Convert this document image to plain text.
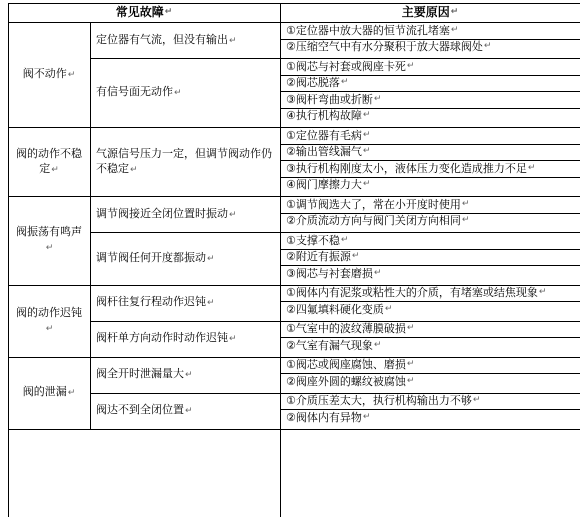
常见故障 ↵	主要原因 ↵
定位器有气流，但没有输出↵
①定位器中放大器的恒节流孔堵塞 ↵
②压缩空气中有水分聚积于放大器球阀处 ↵
有信号面无动作↵
①阀芯与衬套或阀座卡死 ↵
②阀芯脱落 ↵
③阀杆弯曲或折断 ↵
④执行机构故障 ↵
阀不动作↵
气源信号压力一定，但调节阀动作仍不稳定↵
①定位器有毛病 ↵
②输出管线漏气 ↵
③执行机构刚度太小，液体压力变化造成推力不足 ↵
④阀门摩擦力大 ↵
阀的动作不稳定↵
调节阀接近全闭位置时振动↵
①调节阀选大了，常在小开度时使用 ↵
②介质流动方向与阀门关闭方向相同 ↵
调节阀任何开度都振动↵
①支撑不稳 ↵
②附近有振源 ↵
③阀芯与衬套磨损 ↵
阀振荡有鸣声↵
阀杆往复行程动作迟钝↵
①阀体内有泥浆或粘性大的介质，有堵塞或结焦现象 ↵
②四氟填料硬化变质 ↵
阀杆单方向动作时动作迟钝↵
①气室中的波纹薄膜破损 ↵
②气室有漏气现象 ↵
阀的动作迟钝↵
阀全开时泄漏量大↵
①阀芯或阀座腐蚀、磨损 ↵
②阀座外圆的螺纹被腐蚀 ↵
阀达不到全闭位置↵
①介质压差太大，执行机构输出力不够 ↵
②阀体内有异物 ↵
阀的泄漏↵
